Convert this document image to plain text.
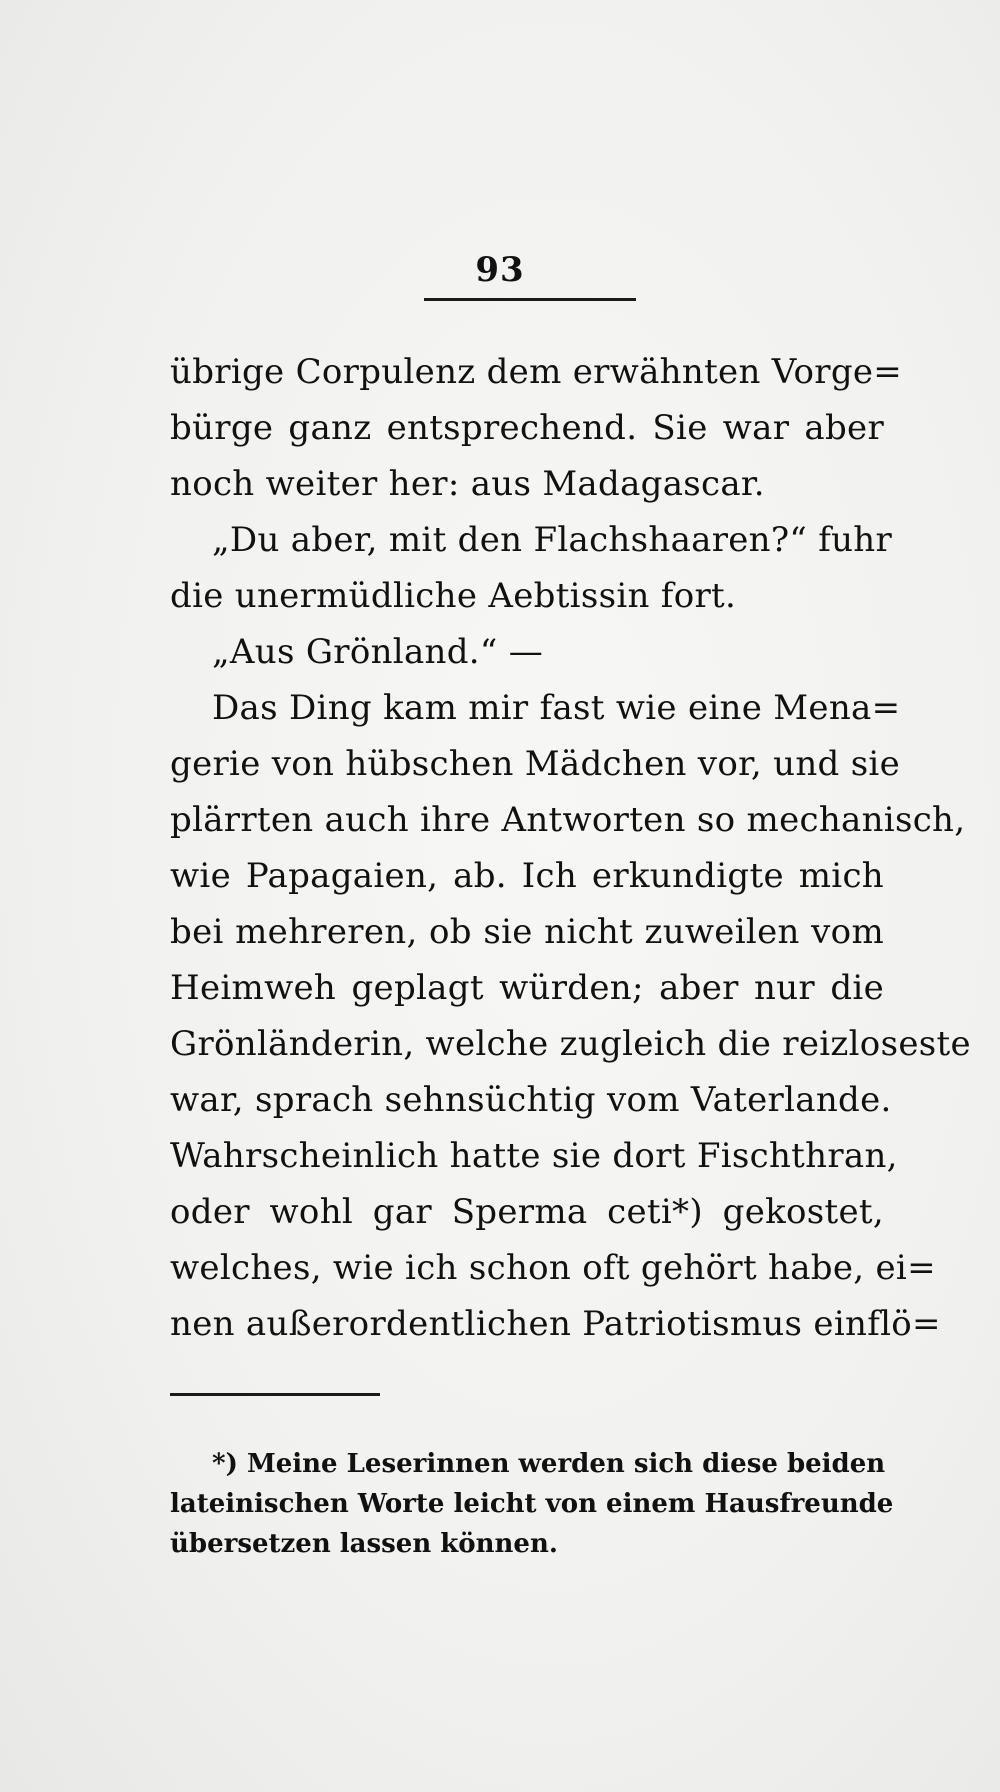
93
übrige Corpulenz dem erwähnten Vorge=
bürge ganz entsprechend. Sie war aber
noch weiter her: aus Madagascar.
„Du aber, mit den Flachshaaren?“ fuhr
die unermüdliche Aebtissin fort.
„Aus Grönland.“ —
Das Ding kam mir fast wie eine Mena=
gerie von hübschen Mädchen vor, und sie
plärrten auch ihre Antworten so mechanisch,
wie Papagaien, ab. Ich erkundigte mich
bei mehreren, ob sie nicht zuweilen vom
Heimweh geplagt würden; aber nur die
Grönländerin, welche zugleich die reizloseste
war, sprach sehnsüchtig vom Vaterlande.
Wahrscheinlich hatte sie dort Fischthran,
oder wohl gar Sperma ceti*) gekostet,
welches, wie ich schon oft gehört habe, ei=
nen außerordentlichen Patriotismus einflö=
*) Meine Leserinnen werden sich diese beiden
lateinischen Worte leicht von einem Hausfreunde
übersetzen lassen können.
